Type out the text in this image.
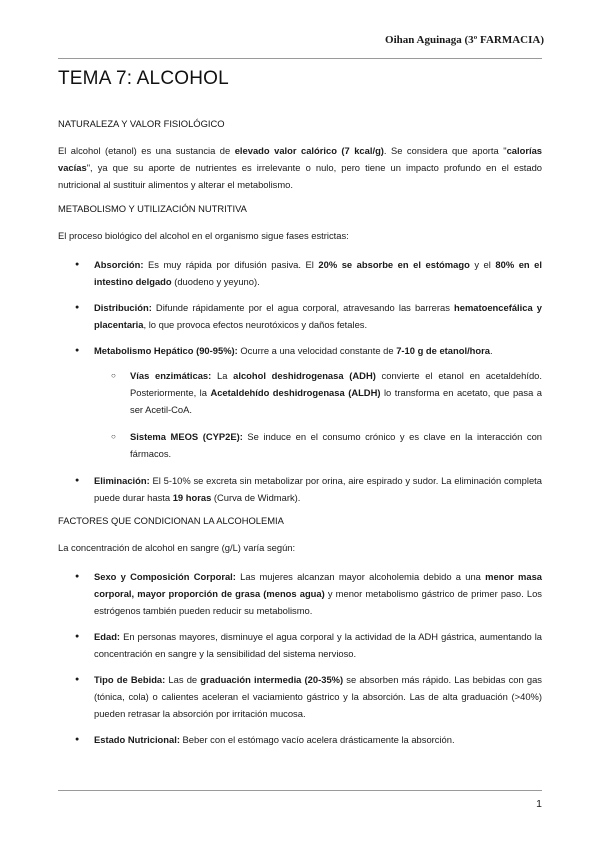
Oihan Aguinaga (3º FARMACIA)
TEMA 7: ALCOHOL
NATURALEZA Y VALOR FISIOLÓGICO

El alcohol (etanol) es una sustancia de elevado valor calórico (7 kcal/g). Se considera que aporta "calorías vacías", ya que su aporte de nutrientes es irrelevante o nulo, pero tiene un impacto profundo en el estado nutricional al sustituir alimentos y alterar el metabolismo.

METABOLISMO Y UTILIZACIÓN NUTRITIVA

El proceso biológico del alcohol en el organismo sigue fases estrictas:

● Absorción: Es muy rápida por difusión pasiva. El 20% se absorbe en el estómago y el 80% en el intestino delgado (duodeno y yeyuno).

● Distribución: Difunde rápidamente por el agua corporal, atravesando las barreras hematoencefálica y placentaria, lo que provoca efectos neurotóxicos y daños fetales.

● Metabolismo Hepático (90-95%): Ocurre a una velocidad constante de 7-10 g de etanol/hora.

○ Vías enzimáticas: La alcohol deshidrogenasa (ADH) convierte el etanol en acetaldehído. Posteriormente, la Acetaldehído deshidrogenasa (ALDH) lo transforma en acetato, que pasa a ser Acetil-CoA.

○ Sistema MEOS (CYP2E): Se induce en el consumo crónico y es clave en la interacción con fármacos.

● Eliminación: El 5-10% se excreta sin metabolizar por orina, aire espirado y sudor. La eliminación completa puede durar hasta 19 horas (Curva de Widmark).

FACTORES QUE CONDICIONAN LA ALCOHOLEMIA

La concentración de alcohol en sangre (g/L) varía según:

● Sexo y Composición Corporal: Las mujeres alcanzan mayor alcoholemia debido a una menor masa corporal, mayor proporción de grasa (menos agua) y menor metabolismo gástrico de primer paso. Los estrógenos también pueden reducir su metabolismo.

● Edad: En personas mayores, disminuye el agua corporal y la actividad de la ADH gástrica, aumentando la concentración en sangre y la sensibilidad del sistema nervioso.

● Tipo de Bebida: Las de graduación intermedia (20-35%) se absorben más rápido. Las bebidas con gas (tónica, cola) o calientes aceleran el vaciamiento gástrico y la absorción. Las de alta graduación (>40%) pueden retrasar la absorción por irritación mucosa.

● Estado Nutricional: Beber con el estómago vacío acelera drásticamente la absorción.

1
